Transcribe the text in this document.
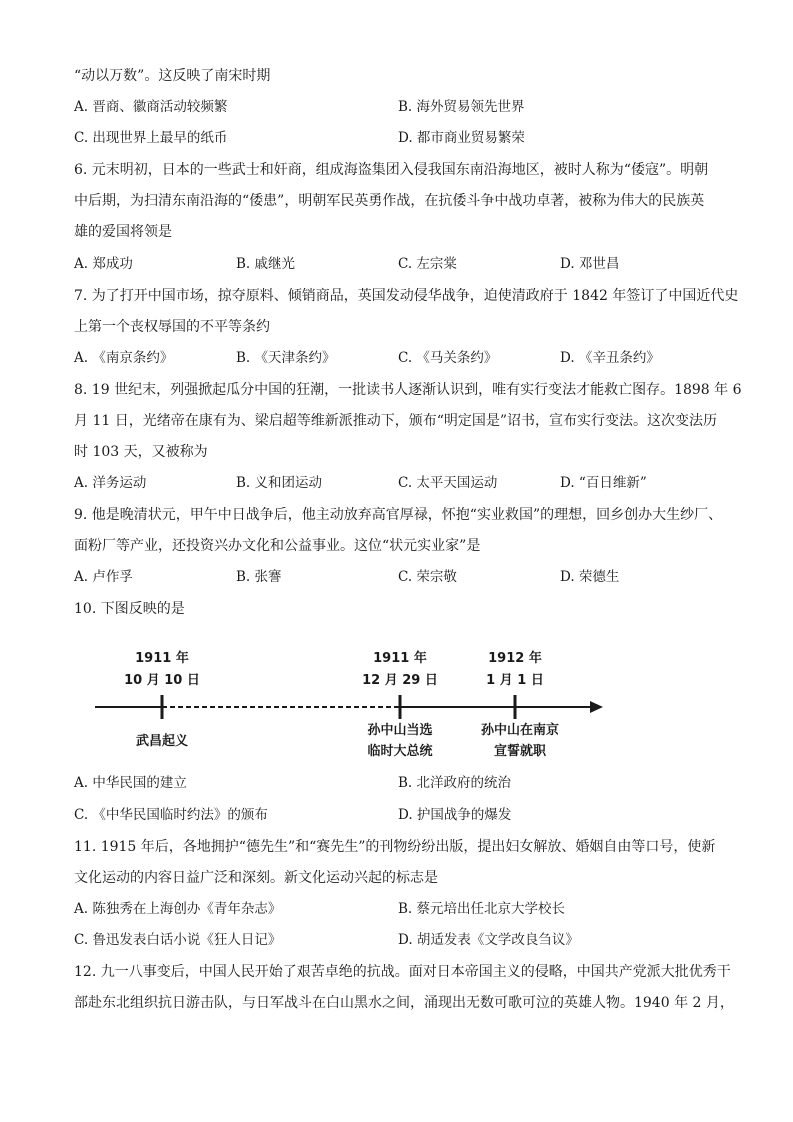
“动以万数”。这反映了南宋时期
A. 晋商、徽商活动较频繁	B. 海外贸易领先世界
C. 出现世界上最早的纸币	D. 都市商业贸易繁荣
6. 元末明初，日本的一些武士和奸商，组成海盗集团入侵我国东南沿海地区，被时人称为“倭寇”。明朝
中后期，为扫清东南沿海的“倭患”，明朝军民英勇作战，在抗倭斗争中战功卓著，被称为伟大的民族英
雄的爱国将领是
A. 郑成功	B. 戚继光	C. 左宗棠	D. 邓世昌
7. 为了打开中国市场，掠夺原料、倾销商品，英国发动侵华战争，迫使清政府于 1842 年签订了中国近代史
上第一个丧权辱国的不平等条约
A. 《南京条约》	B. 《天津条约》	C. 《马关条约》	D. 《辛丑条约》
8. 19 世纪末，列强掀起瓜分中国的狂潮，一批读书人逐渐认识到，唯有实行变法才能救亡图存。1898 年 6
月 11 日，光绪帝在康有为、梁启超等维新派推动下，颁布“明定国是”诏书，宣布实行变法。这次变法历
时 103 天，又被称为
A. 洋务运动	B. 义和团运动	C. 太平天国运动	D. “百日维新”
9. 他是晚清状元，甲午中日战争后，他主动放弃高官厚禄，怀抱“实业救国”的理想，回乡创办大生纱厂、
面粉厂等产业，还投资兴办文化和公益事业。这位“状元实业家”是
A. 卢作孚	B. 张謇	C. 荣宗敬	D. 荣德生
10. 下图反映的是
1911 年
10 月 10 日
武昌起义
1911 年
12 月 29 日
孙中山当选
临时大总统
1912 年
1 月 1 日
孙中山在南京
宣誓就职
A. 中华民国的建立	B. 北洋政府的统治
C. 《中华民国临时约法》的颁布	D. 护国战争的爆发
11. 1915 年后，各地拥护“德先生”和“赛先生”的刊物纷纷出版，提出妇女解放、婚姻自由等口号，使新
文化运动的内容日益广泛和深刻。新文化运动兴起的标志是
A. 陈独秀在上海创办《青年杂志》	B. 蔡元培出任北京大学校长
C. 鲁迅发表白话小说《狂人日记》	D. 胡适发表《文学改良刍议》
12. 九一八事变后，中国人民开始了艰苦卓绝的抗战。面对日本帝国主义的侵略，中国共产党派大批优秀干
部赴东北组织抗日游击队，与日军战斗在白山黑水之间，涌现出无数可歌可泣的英雄人物。1940 年 2 月，
